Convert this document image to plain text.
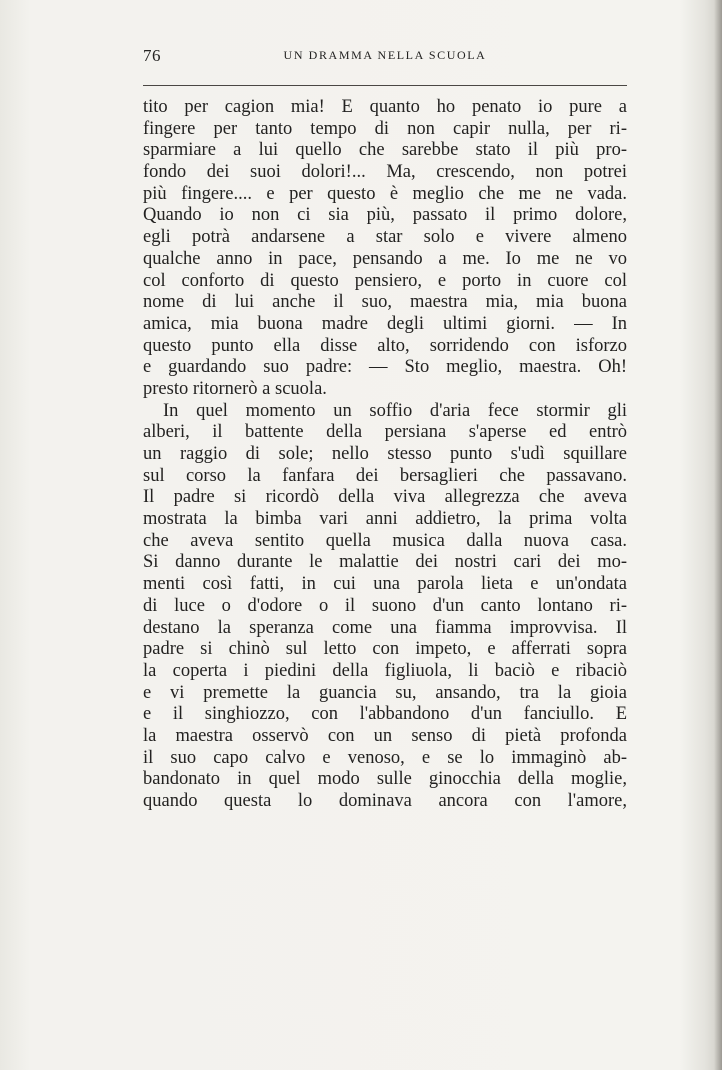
76	UN DRAMMA NELLA SCUOLA
tito per cagion mia! E quanto ho penato io pure a
fingere per tanto tempo di non capir nulla, per ri-
sparmiare a lui quello che sarebbe stato il più pro-
fondo dei suoi dolori!... Ma, crescendo, non potrei
più fingere.... e per questo è meglio che me ne vada.
Quando io non ci sia più, passato il primo dolore,
egli potrà andarsene a star solo e vivere almeno
qualche anno in pace, pensando a me. Io me ne vo
col conforto di questo pensiero, e porto in cuore col
nome di lui anche il suo, maestra mia, mia buona
amica, mia buona madre degli ultimi giorni. — In
questo punto ella disse alto, sorridendo con isforzo
e guardando suo padre: — Sto meglio, maestra. Oh!
presto ritornerò a scuola.
In quel momento un soffio d'aria fece stormir gli
alberi, il battente della persiana s'aperse ed entrò
un raggio di sole; nello stesso punto s'udì squillare
sul corso la fanfara dei bersaglieri che passavano.
Il padre si ricordò della viva allegrezza che aveva
mostrata la bimba vari anni addietro, la prima volta
che aveva sentito quella musica dalla nuova casa.
Si danno durante le malattie dei nostri cari dei mo-
menti così fatti, in cui una parola lieta e un'ondata
di luce o d'odore o il suono d'un canto lontano ri-
destano la speranza come una fiamma improvvisa. Il
padre si chinò sul letto con impeto, e afferrati sopra
la coperta i piedini della figliuola, li baciò e ribaciò
e vi premette la guancia su, ansando, tra la gioia
e il singhiozzo, con l'abbandono d'un fanciullo. E
la maestra osservò con un senso di pietà profonda
il suo capo calvo e venoso, e se lo immaginò ab-
bandonato in quel modo sulle ginocchia della moglie,
quando questa lo dominava ancora con l'amore,
